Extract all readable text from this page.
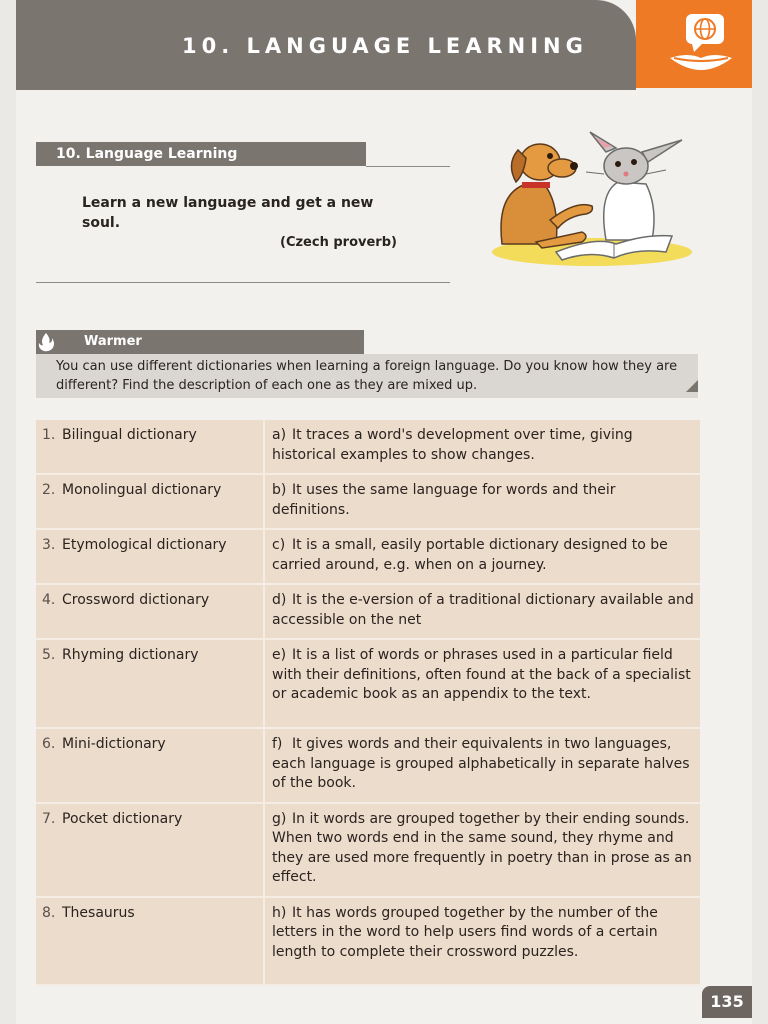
10. LANGUAGE LEARNING
10. Language Learning
Learn a new language and get a new soul.
(Czech proverb)
Warmer
You can use different dictionaries when learning a foreign language. Do you know how they are different? Find the description of each one as they are mixed up.
1. Bilingual dictionary	a) It traces a word's development over time, giving historical examples to show changes.
2. Monolingual dictionary	b) It uses the same language for words and their definitions.
3. Etymological dictionary	c) It is a small, easily portable dictionary designed to be carried around, e.g. when on a journey.
4. Crossword dictionary	d) It is the e-version of a traditional dictionary available and accessible on the net
5. Rhyming dictionary	e) It is a list of words or phrases used in a particular field with their definitions, often found at the back of a specialist or academic book as an appendix to the text.
6. Mini-dictionary	f) It gives words and their equivalents in two languages, each language is grouped alphabetically in separate halves of the book.
7. Pocket dictionary	g) In it words are grouped together by their ending sounds. When two words end in the same sound, they rhyme and they are used more frequently in poetry than in prose as an effect.
8. Thesaurus	h) It has words grouped together by the number of the letters in the word to help users find words of a certain length to complete their crossword puzzles.
135
